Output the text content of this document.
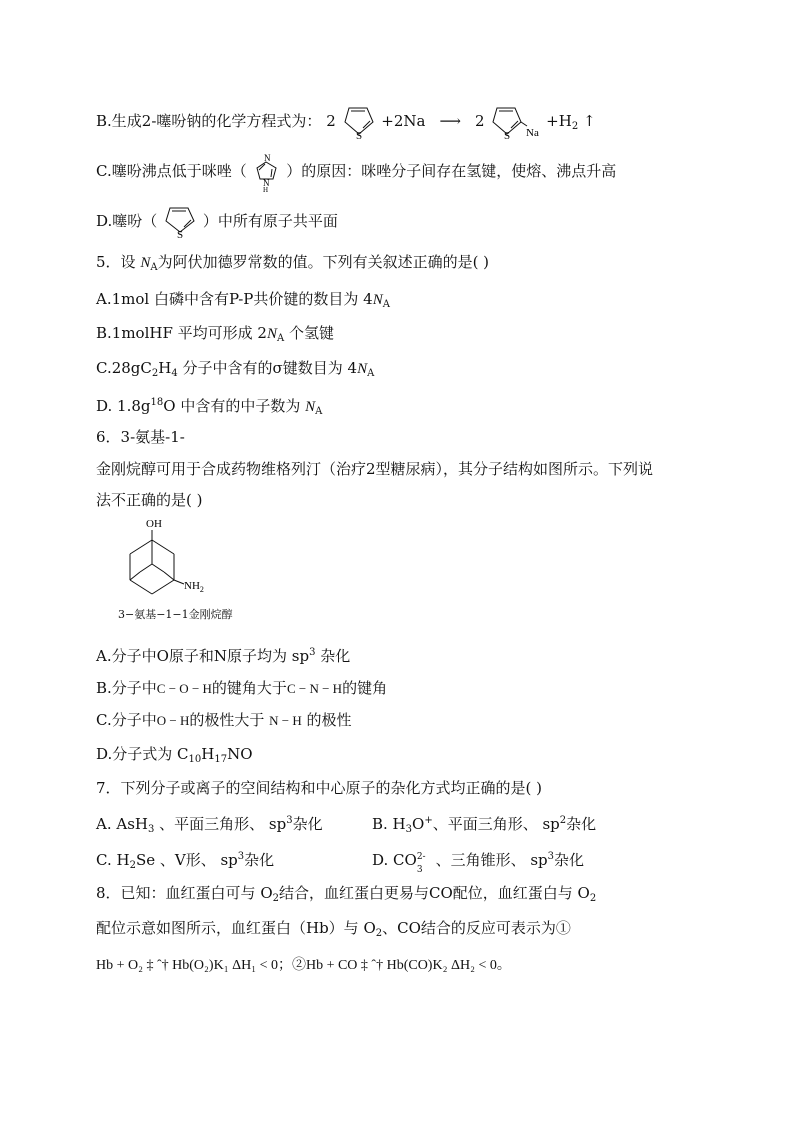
B.生成2-噻吩钠的化学方程式为： 2
S
+2Na ⟶ 2
S Na
$+H_2$ ↑
C.噻吩沸点低于咪唑（
N
N
H
）的原因：咪唑分子间存在氢键，使熔、沸点升高
D.噻吩（
S
）中所有原子共平面
5．设 $N_A$为阿伏加德罗常数的值。下列有关叙述正确的是( )
A.1mol 白磷中含有P-P共价键的数目为 $4N_A$
B.1molHF 平均可形成 $2N_A$ 个氢键
$C.28gC_2H_4$ 分子中含有的σ键数目为 $4N_A$
D. $1.8g^{18}O$ 中含有的中子数为 $N_A$
6．3-氨基-1-
金刚烷醇可用于合成药物维格列汀（治疗2型糖尿病），其分子结构如图所示。下列说
法不正确的是( )
OH
$NH_2$
3−氨基−1−1金刚烷醇
A.分子中O原子和N原子均为 $sp^3$ 杂化
B.分子中C − O − H的键角大于C − N − H的键角
C.分子中O − H的极性大于 N − H 的极性
D.分子式为 $C_{10}H_{17}NO$
7．下列分子或离子的空间结构和中心原子的杂化方式均正确的是( )
A. AsH$_3$ 、平面三角形、 $sp^3$杂化	B. $H_3O^+$、平面三角形、 $sp^2$杂化
C. $H_2Se$ 、V形、 $sp^3$杂化	D. CO 2-
3
、三角锥形、 $sp^3$杂化
8．已知：血红蛋白可与 $O_2$结合，血红蛋白更易与CO配位，血红蛋白与 $O_2$
配位示意如图所示，血红蛋白（Hb）与 $O_2$、CO结合的反应可表示为①
Hb + O₂ ‡ ˆ† Hb(O₂)K₁ ΔH₁ < 0；②Hb + CO ‡ ˆ† Hb(CO)K₂ ΔH₂ < 0。
